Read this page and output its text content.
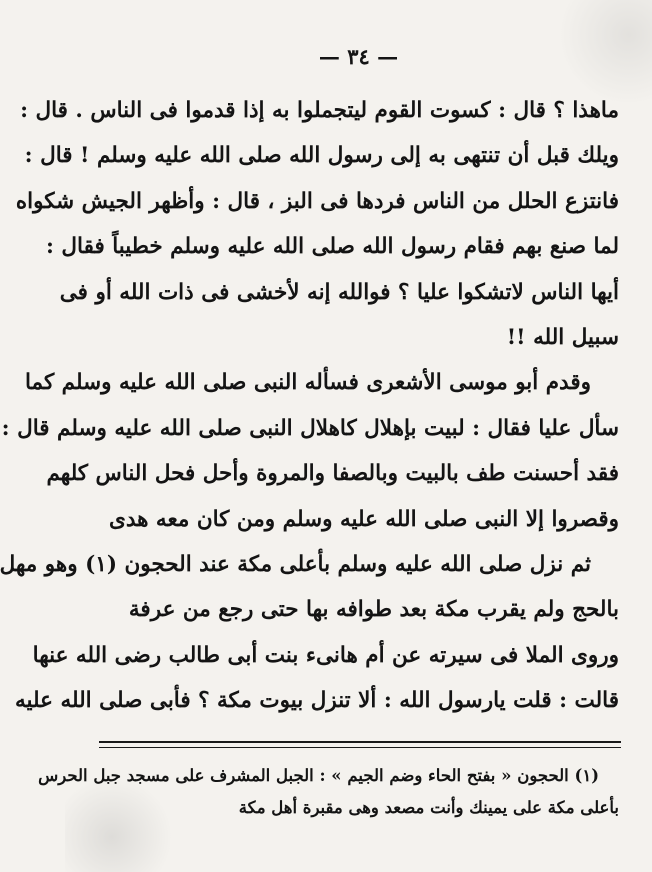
— ٣٤ —
ماهذا ؟ قال : كسوت القوم ليتجملوا به إذا قدموا فى الناس . قال :
ويلك قبل أن تنتهى به إلى رسول الله صلى الله عليه وسلم ! قال :
فانتزع الحلل من الناس فردها فى البز ، قال : وأظهر الجيش شكواه
لما صنع بهم فقام رسول الله صلى الله عليه وسلم خطيباً فقال :
أيها الناس لاتشكوا عليا ؟ فوالله إنه لأخشى فى ذات الله أو فى
سبيل الله !!
وقدم أبو موسى الأشعرى فسأله النبى صلى الله عليه وسلم كما
سأل عليا فقال : لبيت بإهلال كاهلال النبى صلى الله عليه وسلم قال :
فقد أحسنت طف بالبيت وبالصفا والمروة وأحل فحل الناس كلهم
وقصروا إلا النبى صلى الله عليه وسلم ومن كان معه هدى
ثم نزل صلى الله عليه وسلم بأعلى مكة عند الحجون (١) وهو مهل
بالحج ولم يقرب مكة بعد طوافه بها حتى رجع من عرفة
وروى الملا فى سيرته عن أم هانىء بنت أبى طالب رضى الله عنها
قالت : قلت يارسول الله : ألا تنزل بيوت مكة ؟ فأبى صلى الله عليه
(١) الحجون « بفتح الحاء وضم الجيم » : الجبل المشرف على مسجد جبل الحرس
بأعلى مكة على يمينك وأنت مصعد وهى مقبرة أهل مكة
